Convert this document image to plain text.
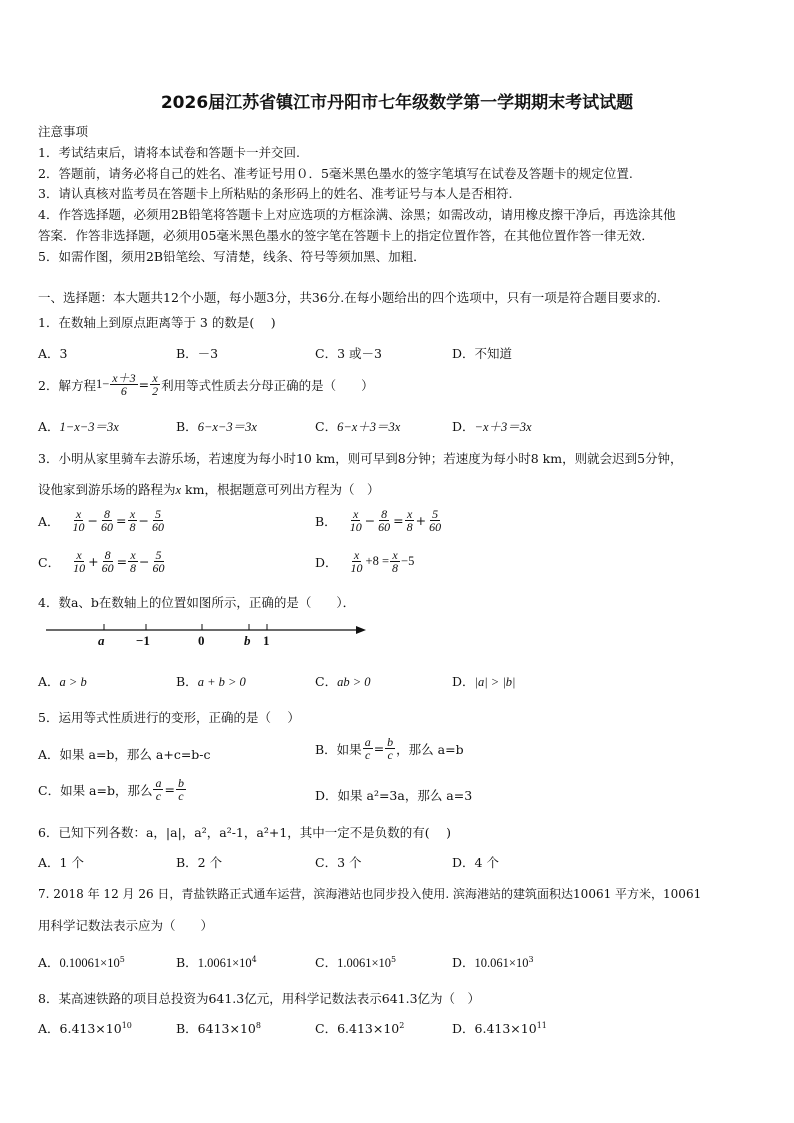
2026届江苏省镇江市丹阳市七年级数学第一学期期末考试试题
注意事项
1．考试结束后，请将本试卷和答题卡一并交回.
2．答题前，请务必将自己的姓名、准考证号用０．5毫米黑色墨水的签字笔填写在试卷及答题卡的规定位置.
3．请认真核对监考员在答题卡上所粘贴的条形码上的姓名、准考证号与本人是否相符.
4．作答选择题，必须用2B铅笔将答题卡上对应选项的方框涂满、涂黑；如需改动，请用橡皮擦干净后，再选涂其他
答案．作答非选择题，必须用05毫米黑色墨水的签字笔在答题卡上的指定位置作答，在其他位置作答一律无效．
5．如需作图，须用2B铅笔绘、写清楚，线条、符号等须加黑、加粗．
一、选择题：本大题共12个小题，每小题3分，共36分.在每小题给出的四个选项中，只有一项是符合题目要求的.
1．在数轴上到原点距离等于 3 的数是(　 )
A．3	B．－3	C．3 或－3	D．不知道
2．解方程 $1- \frac{x+3}{6} = \frac{x}{2}$ 利用等式性质去分母正确的是（　　）
A．1−x−3＝3x	B．6−x−3＝3x	C．6−x＋3＝3x	D．−x＋3＝3x
3．小明从家里骑车去游乐场，若速度为每小时10 km，则可早到8分钟；若速度为每小时8 km，则就会迟到5分钟，
设他家到游乐场的路程为x km，根据题意可列出方程为（　）
A． $\frac{x}{10} - \frac{8}{60} = \frac{x}{8} - \frac{5}{60}$	B． $\frac{x}{10} - \frac{8}{60} = \frac{x}{8} + \frac{5}{60}$
C． $\frac{x}{10} + \frac{8}{60} = \frac{x}{8} - \frac{5}{60}$	D． $\frac{x}{10} +8 = \frac{x}{8} -5$
4．数a、b在数轴上的位置如图所示，正确的是（　　）．
a −1	0	b 1
A．a > b	B．a + b > 0	C．ab > 0	D．|a| > |b|
5．运用等式性质进行的变形，正确的是（　 ）
A．如果 a=b，那么 a+c=b-c	B．如果 $\frac{a}{c} = \frac{b}{c}$ ，那么 a=b
C．如果 a=b，那么 $\frac{a}{c} = \frac{b}{c}$	D．如果 a²=3a，那么 a=3
6．已知下列各数：a，|a|，a²，a²-1，a²+1，其中一定不是负数的有(　 )
A．1 个	B．2 个	C．3 个	D．4 个
7. 2018 年 12 月 26 日，青盐铁路正式通车运营，滨海港站也同步投入使用. 滨海港站的建筑面积达10061 平方米，10061
用科学记数法表示应为（　　）
A．$0.10061\times 10^5$	B．$1.0061\times 10^4$	C．$1.0061\times 10^5$	D．$10.061\times 10^3$
8．某高速铁路的项目总投资为641.3亿元，用科学记数法表示641.3亿为（　）
A．$6.413\times 10^{10}$	B．$6413\times 10^8$	C．$6.413\times 10^2$	D．$6.413\times 10^{11}$
